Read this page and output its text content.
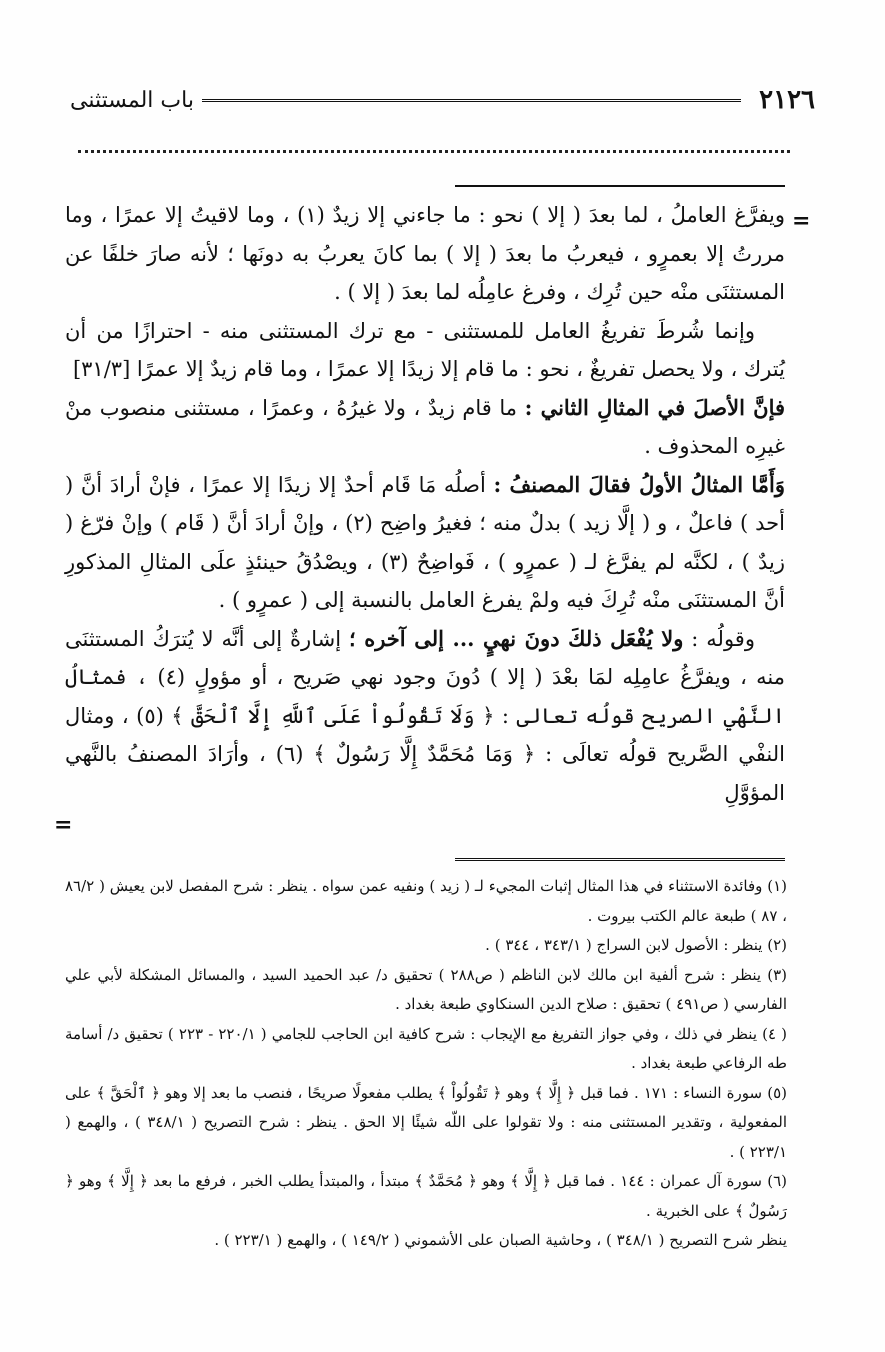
٢١٢٦
باب المستثنى
=

ويفرَّغ العاملُ ، لما بعدَ ( إلا ) نحو : ما جاءني إلا زيدٌ (١) ، وما لاقيتُ إلا عمرًا ، وما مررتُ إلا بعمرٍو ، فيعربُ ما بعدَ ( إلا ) بما كانَ يعربُ به دونَها ؛ لأنه صارَ خلفًا عن المستثنَى منْه حين تُرِك ، وفرغ عامِلُه لما بعدَ ( إلا ) .

وإنما شُرطَ تفريغُ العامل للمستثنى - مع ترك المستثنى منه - احترازًا من أن يُترك ، ولا يحصل تفريغٌ ، نحو : ما قام إلا زيدًا إلا عمرًا ، وما قام زيدٌ إلا عمرًا [٣١/٣]

فإنَّ الأصلَ في المثالِ الثاني : ما قام زيدٌ ، ولا غيرُهُ ، وعمرًا ، مستثنى منصوب منْ غيرِه المحذوف .

وَأَمَّا المثالُ الأولُ فقالَ المصنفُ : أصلُه مَا قَام أحدٌ إلا زيدًا إلا عمرًا ، فإنْ أرادَ أنَّ ( أحد ) فاعلٌ ، و ( إلَّا زيد ) بدلٌ منه ؛ فغيرُ واضِح (٢) ، وإنْ أرادَ أنَّ ( قَام ) وإنْ فرّغ ( زيدٌ ) ، لكنَّه لم يفرَّغ لـ ( عمرٍو ) ، فَواضِحٌ (٣) ، ويصْدُقُ حينئذٍ علَى المثالِ المذكورِ أنَّ المستثنَى منْه تُرِكَ فيه ولمْ يفرغ العامل بالنسبة إلى ( عمرٍو ) .

وقولُه : ولا يُفْعَل ذلكَ دونَ نهيٍ ... إلى آخره ؛ إشارةٌ إلى أنَّه لا يُترَكُ المستثنَى منه ، ويفرَّغُ عامِلِه لمَا بعْدَ ( إلا ) دُونَ وجود نهي صَريح ، أو مؤولٍ (٤) ، فمثالُ النَّهْي الصريح قولُه تعالى : ﴿ وَلَا تَقُولُواْ عَلَى ٱللَّهِ إِلَّا ٱلْحَقَّ ﴾ (٥) ، ومثال النفْي الصَّريح قولُه تعالَى : ﴿ وَمَا مُحَمَّدٌ إِلَّا رَسُولٌ ﴾ (٦) ، وأرَادَ المصنفُ بالنَّهي المؤوَّلِ

=

(١) وفائدة الاستثناء في هذا المثال إثبات المجيء لـ ( زيد ) ونفيه عمن سواه . ينظر : شرح المفصل لابن يعيش ( ٨٦/٢ ، ٨٧ ) طبعة عالم الكتب بيروت .

(٢) ينظر : الأصول لابن السراج ( ٣٤٣/١ ، ٣٤٤ ) .

(٣) ينظر : شرح ألفية ابن مالك لابن الناظم ( ص٢٨٨ ) تحقيق د/ عبد الحميد السيد ، والمسائل المشكلة لأبي علي الفارسي ( ص٤٩١ ) تحقيق : صلاح الدين السنكاوي طبعة بغداد .

( ٤) ينظر في ذلك ، وفي جواز التفريغ مع الإيجاب : شرح كافية ابن الحاجب للجامي ( ٢٢٠/١ - ٢٢٣ ) تحقيق د/ أسامة طه الرفاعي طبعة بغداد .

(٥) سورة النساء : ١٧١ . فما قبل ﴿ إِلَّا ﴾ وهو ﴿ تَقُولُواْ ﴾ يطلب مفعولًا صريحًا ، فنصب ما بعد إلا وهو ﴿ ٱلْحَقَّ ﴾ على المفعولية ، وتقدير المستثنى منه : ولا تقولوا على اللّه شيئًا إلا الحق . ينظر : شرح التصريح ( ٣٤٨/١ ) ، والهمع ( ٢٢٣/١ ) .

(٦) سورة آل عمران : ١٤٤ . فما قبل ﴿ إِلَّا ﴾ وهو ﴿ مُحَمَّدٌ ﴾ مبتدأ ، والمبتدأ يطلب الخبر ، فرفع ما بعد ﴿ إِلَّا ﴾ وهو ﴿ رَسُولٌ ﴾ على الخبرية .

ينظر شرح التصريح ( ٣٤٨/١ ) ، وحاشية الصبان على الأشموني ( ١٤٩/٢ ) ، والهمع ( ٢٢٣/١ ) .
